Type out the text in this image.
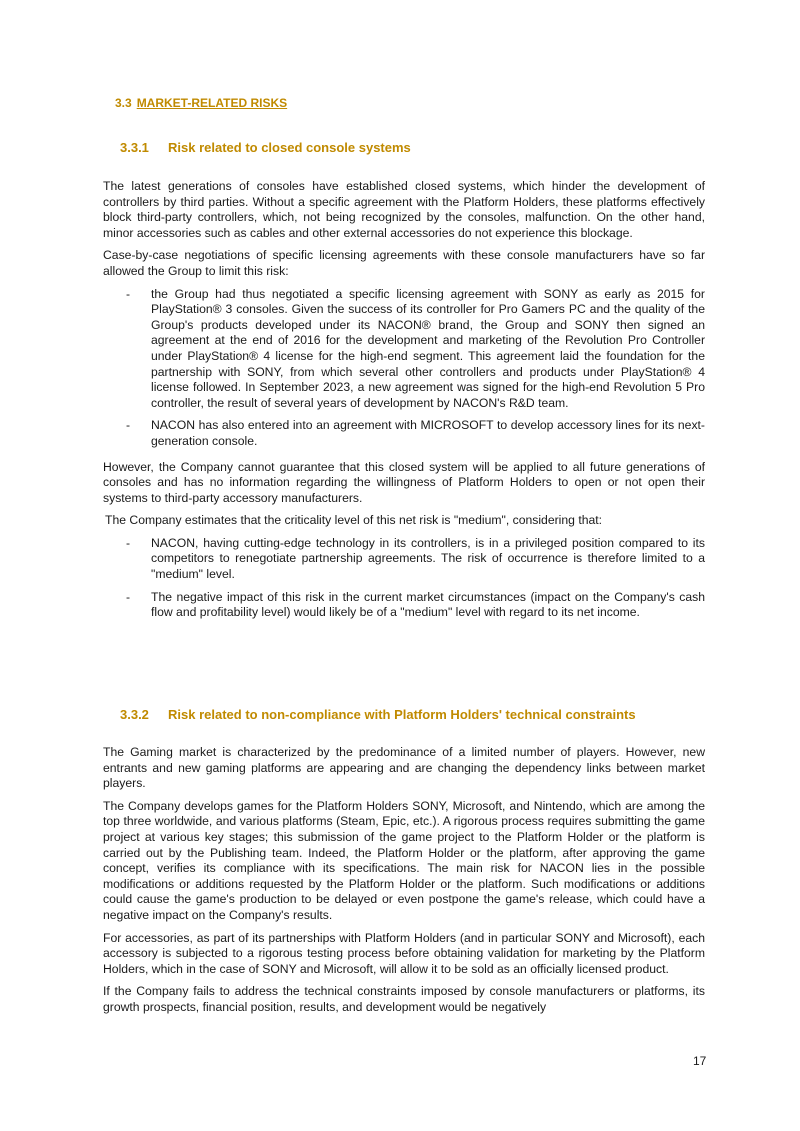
3.3 MARKET-RELATED RISKS
3.3.1 Risk related to closed console systems

The latest generations of consoles have established closed systems, which hinder the development of controllers by third parties. Without a specific agreement with the Platform Holders, these platforms effectively block third-party controllers, which, not being recognized by the consoles, malfunction. On the other hand, minor accessories such as cables and other external accessories do not experience this blockage.

Case-by-case negotiations of specific licensing agreements with these console manufacturers have so far allowed the Group to limit this risk:

- the Group had thus negotiated a specific licensing agreement with SONY as early as 2015 for PlayStation® 3 consoles. Given the success of its controller for Pro Gamers PC and the quality of the Group's products developed under its NACON® brand, the Group and SONY then signed an agreement at the end of 2016 for the development and marketing of the Revolution Pro Controller under PlayStation® 4 license for the high-end segment. This agreement laid the foundation for the partnership with SONY, from which several other controllers and products under PlayStation® 4 license followed. In September 2023, a new agreement was signed for the high-end Revolution 5 Pro controller, the result of several years of development by NACON's R&D team.
- NACON has also entered into an agreement with MICROSOFT to develop accessory lines for its next-generation console.

However, the Company cannot guarantee that this closed system will be applied to all future generations of consoles and has no information regarding the willingness of Platform Holders to open or not open their systems to third-party accessory manufacturers.

The Company estimates that the criticality level of this net risk is "medium", considering that:

- NACON, having cutting-edge technology in its controllers, is in a privileged position compared to its competitors to renegotiate partnership agreements. The risk of occurrence is therefore limited to a "medium" level.
- The negative impact of this risk in the current market circumstances (impact on the Company's cash flow and profitability level) would likely be of a "medium" level with regard to its net income.
3.3.2 Risk related to non-compliance with Platform Holders' technical constraints

The Gaming market is characterized by the predominance of a limited number of players. However, new entrants and new gaming platforms are appearing and are changing the dependency links between market players.

The Company develops games for the Platform Holders SONY, Microsoft, and Nintendo, which are among the top three worldwide, and various platforms (Steam, Epic, etc.). A rigorous process requires submitting the game project at various key stages; this submission of the game project to the Platform Holder or the platform is carried out by the Publishing team. Indeed, the Platform Holder or the platform, after approving the game concept, verifies its compliance with its specifications. The main risk for NACON lies in the possible modifications or additions requested by the Platform Holder or the platform. Such modifications or additions could cause the game's production to be delayed or even postpone the game's release, which could have a negative impact on the Company's results.

For accessories, as part of its partnerships with Platform Holders (and in particular SONY and Microsoft), each accessory is subjected to a rigorous testing process before obtaining validation for marketing by the Platform Holders, which in the case of SONY and Microsoft, will allow it to be sold as an officially licensed product.

If the Company fails to address the technical constraints imposed by console manufacturers or platforms, its growth prospects, financial position, results, and development would be negatively

17
